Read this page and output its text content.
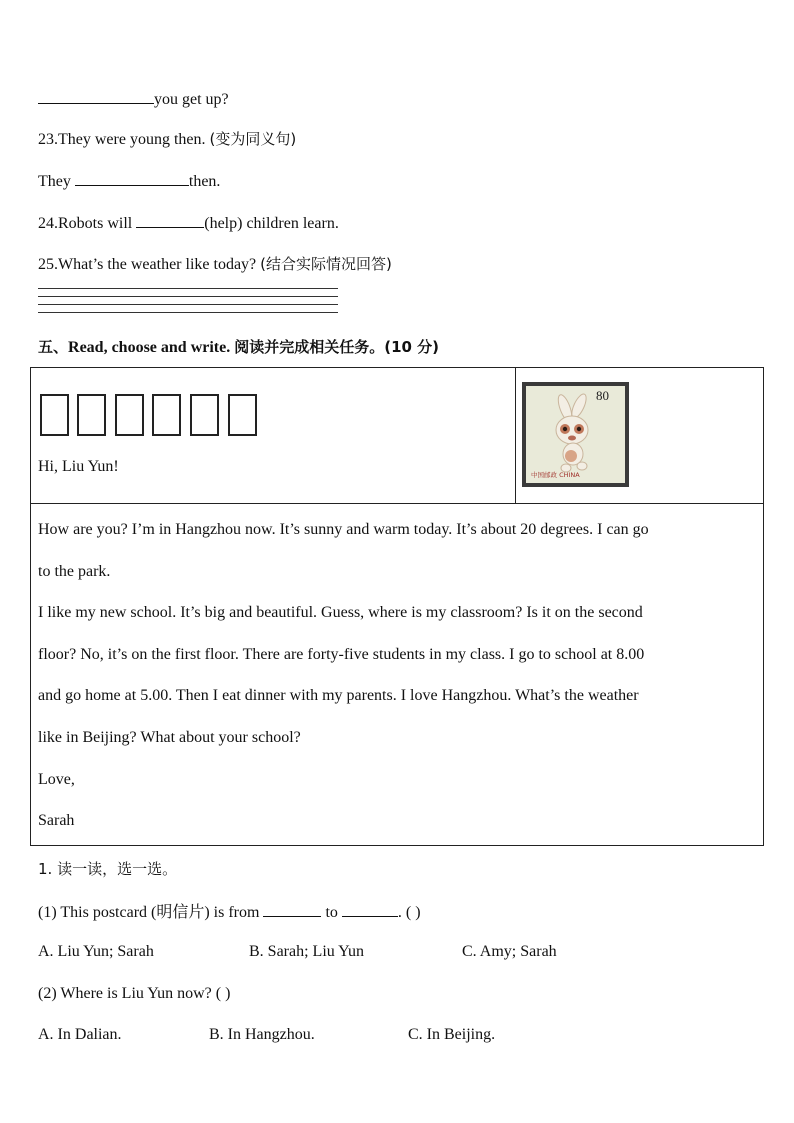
you get up?
23.They were young then. (变为同义句)
They	then.
24.Robots will	(help) children learn.
25.What’s the weather like today? (结合实际情况回答)
五、Read, choose and write. 阅读并完成相关任务。(10 分)
Hi, Liu Yun!
80
中国邮政 CHINA
How are you? I’m in Hangzhou now. It’s sunny and warm today. It’s about 20 degrees. I can go
to the park.
I like my new school. It’s big and beautiful. Guess, where is my classroom? Is it on the second
floor? No, it’s on the first floor. There are forty-five students in my class. I go to school at 8.00
and go home at 5.00. Then I eat dinner with my parents. I love Hangzhou. What’s the weather
like in Beijing? What about your school?
Love,
Sarah
1. 读一读，选一选。
(1) This postcard (明信片) is from	to	. ( )
A. Liu Yun; Sarah	B. Sarah; Liu Yun	C. Amy; Sarah
(2) Where is Liu Yun now? ( )
A. In Dalian.	B. In Hangzhou.	C. In Beijing.
